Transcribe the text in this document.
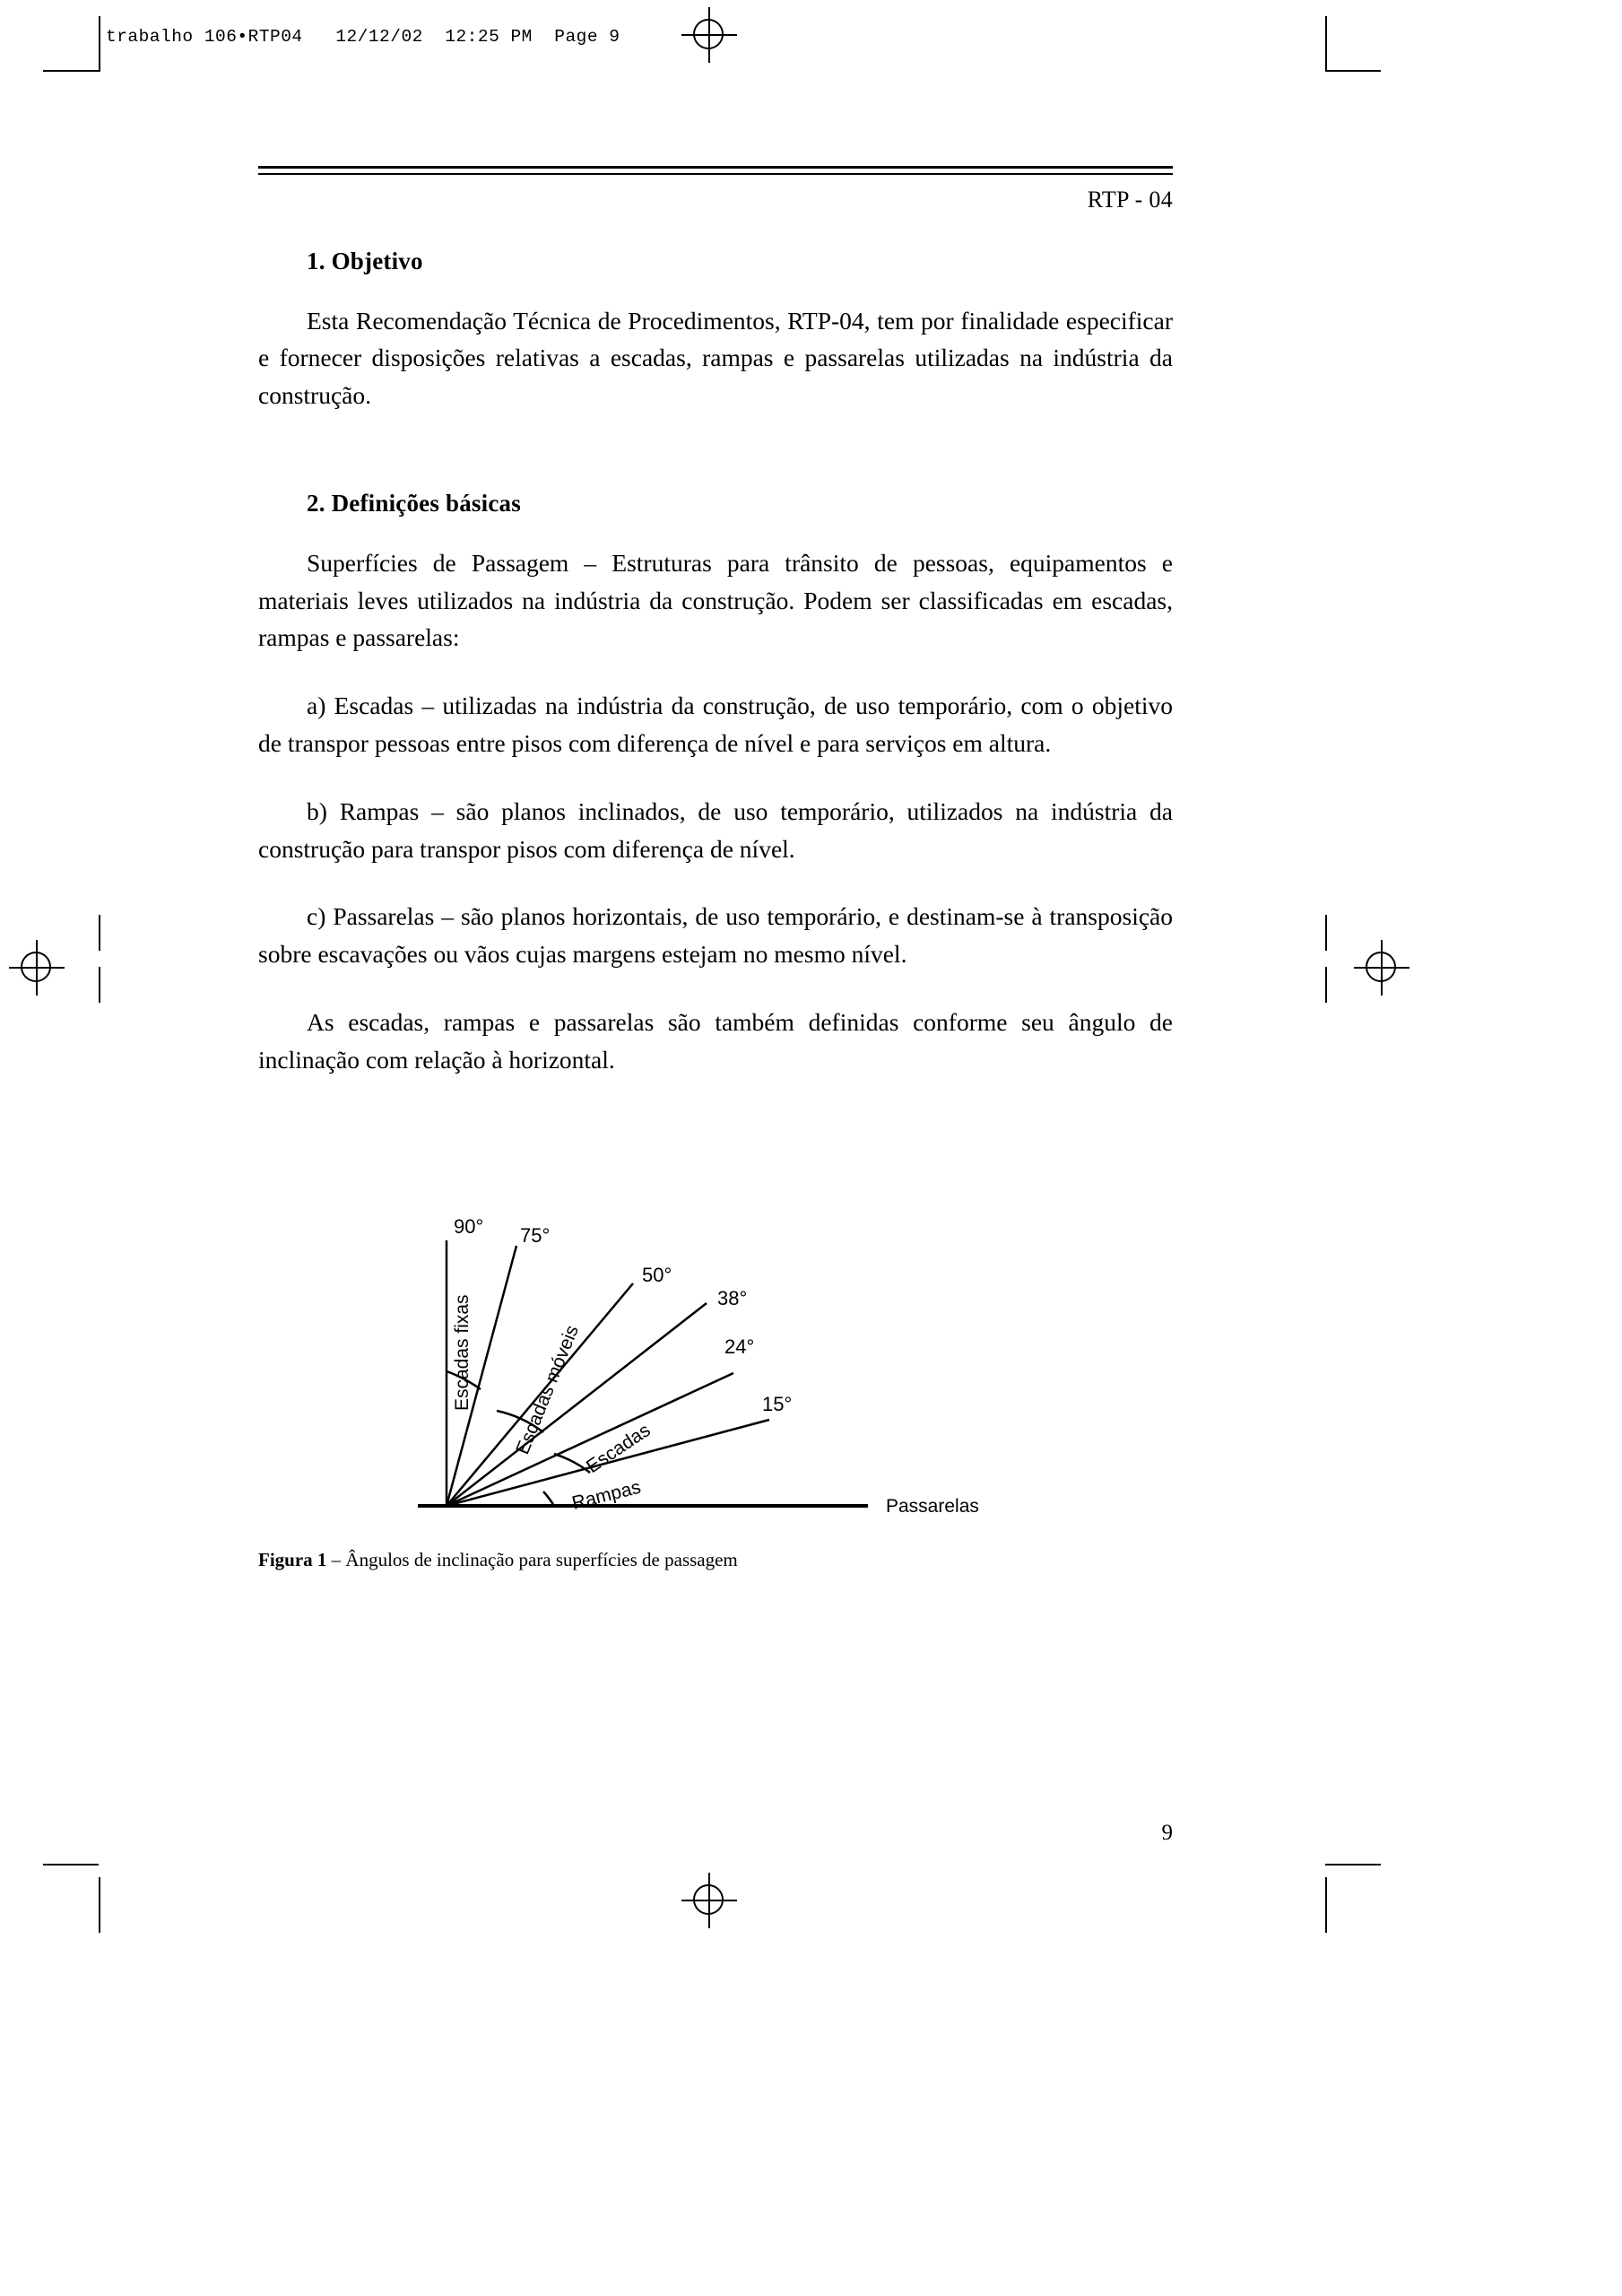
trabalho 106•RTP04   12/12/02  12:25 PM  Page 9
RTP - 04
1. Objetivo

Esta Recomendação Técnica de Procedimentos, RTP-04, tem por finalidade especificar e fornecer disposições relativas a escadas, rampas e passarelas utilizadas na indústria da construção.

2. Definições básicas

Superfícies de Passagem – Estruturas para trânsito de pessoas, equipamentos e materiais leves utilizados na indústria da construção. Podem ser classificadas em escadas, rampas e passarelas:

a) Escadas – utilizadas na indústria da construção, de uso temporário, com o objetivo de transpor pessoas entre pisos com diferença de nível e para serviços em altura.

b) Rampas – são planos inclinados, de uso temporário, utilizados na indústria da construção para transpor pisos com diferença de nível.

c) Passarelas – são planos horizontais, de uso temporário, e destinam-se à transposição sobre escavações ou vãos cujas margens estejam no mesmo nível.

As escadas, rampas e passarelas são também definidas conforme seu ângulo de inclinação com relação à horizontal.

90° 75°
50°
38°
24°
15°
Escadas fixas Escadas móveis Escadas
Rampas	Passarelas
Figura 1 – Ângulos de inclinação para superfícies de passagem
9
